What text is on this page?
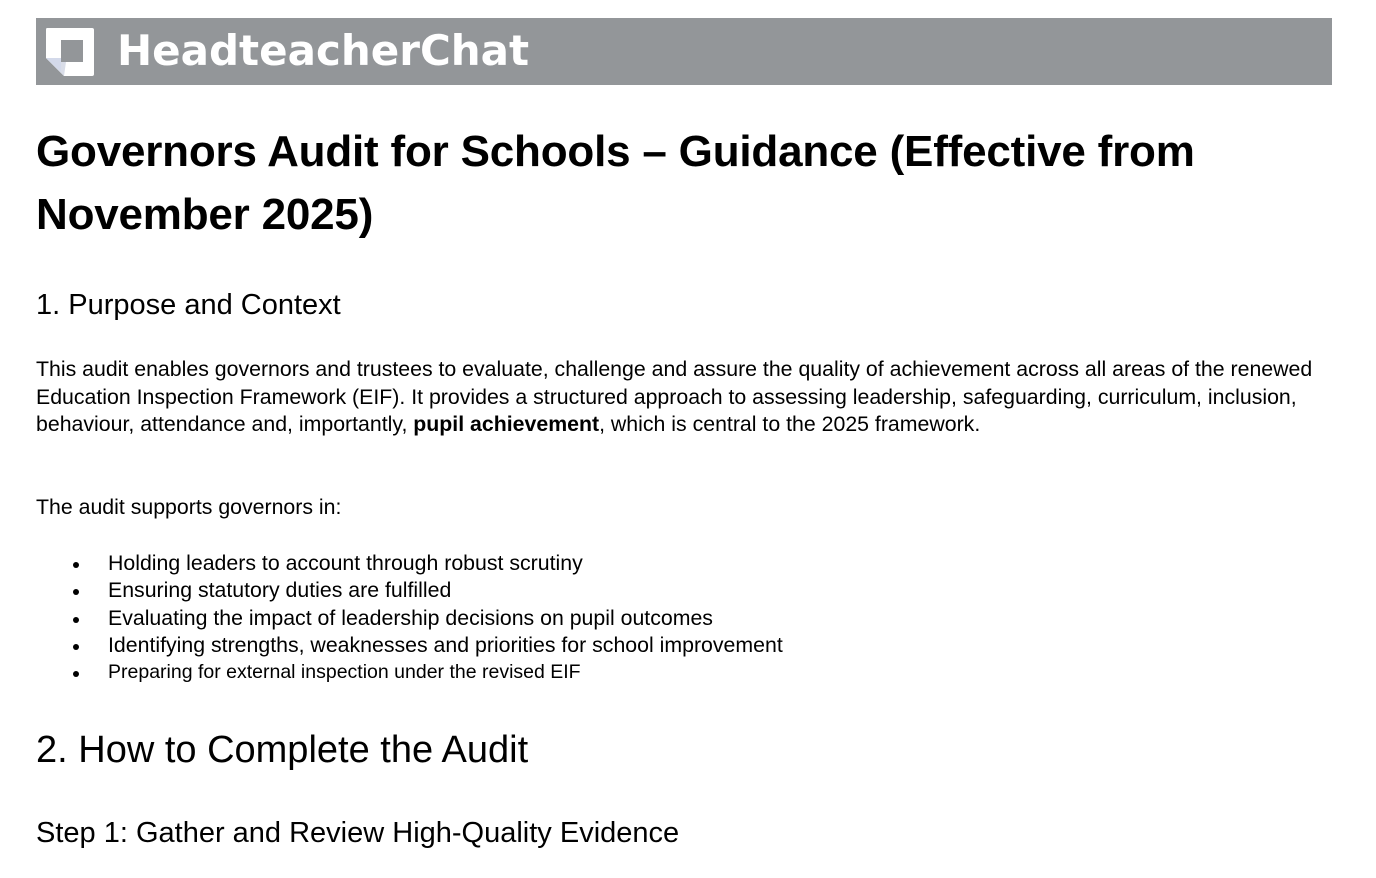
HeadteacherChat
Governors Audit for Schools – Guidance (Effective from November 2025)
1. Purpose and Context

This audit enables governors and trustees to evaluate, challenge and assure the quality of achievement across all areas of the renewed Education Inspection Framework (EIF). It provides a structured approach to assessing leadership, safeguarding, curriculum, inclusion, behaviour, attendance and, importantly, pupil achievement, which is central to the 2025 framework.

The audit supports governors in:

Holding leaders to account through robust scrutiny
Ensuring statutory duties are fulfilled
Evaluating the impact of leadership decisions on pupil outcomes
Identifying strengths, weaknesses and priorities for school improvement
Preparing for external inspection under the revised EIF
2. How to Complete the Audit
Step 1: Gather and Review High-Quality Evidence
